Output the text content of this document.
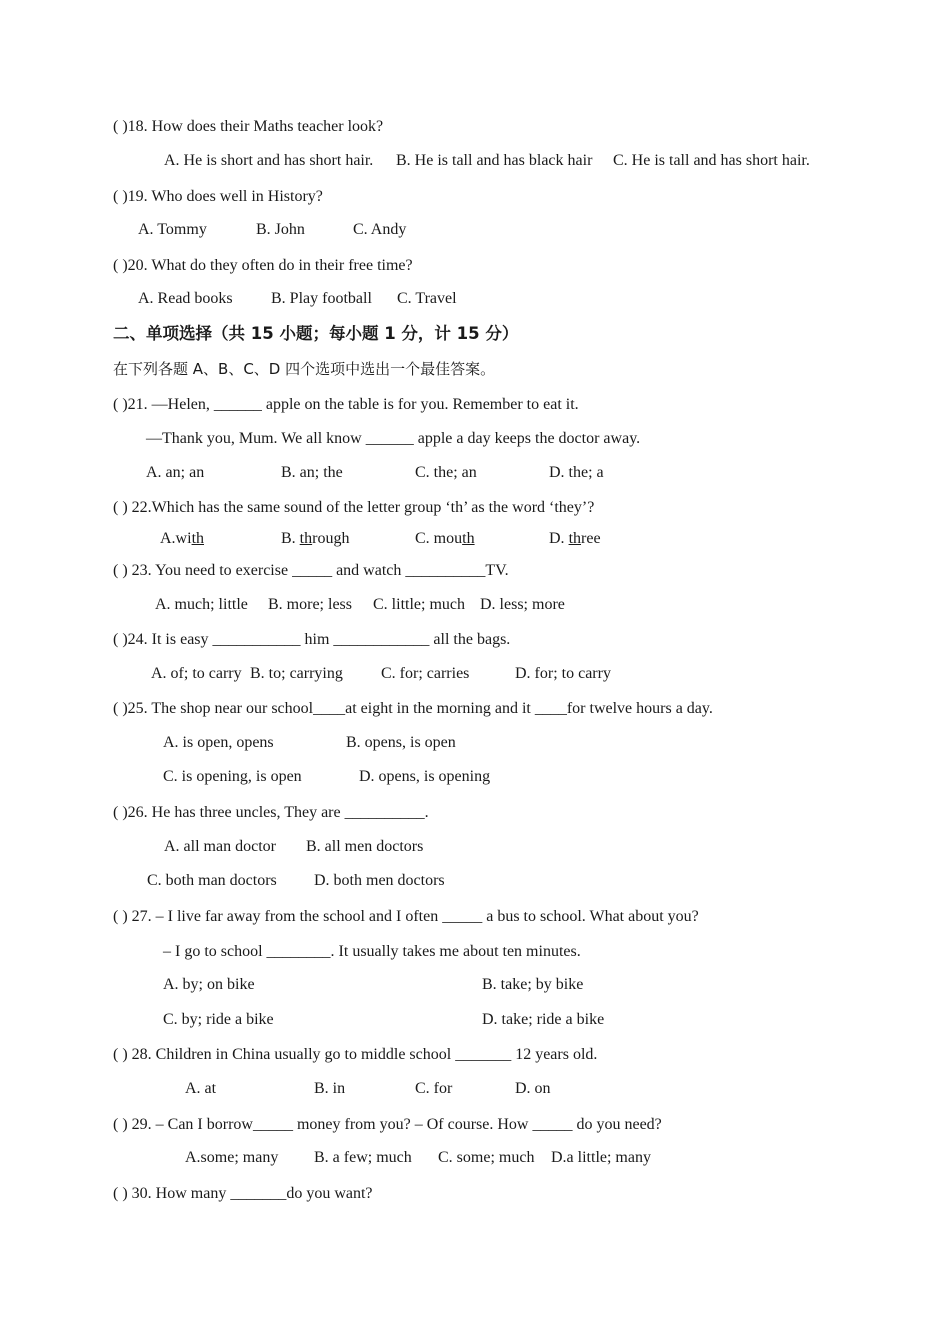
( )18. How does their Maths teacher look?
A. He is short and has short hair. B. He is tall and has black hair C. He is tall and has short hair.
( )19. Who does well in History?
A. Tommy	B. John	C. Andy
( )20. What do they often do in their free time?
A. Read books B. Play football C. Travel
二、单项选择（共 15 小题；每小题 1 分，计 15 分）
在下列各题 A、B、C、D 四个选项中选出一个最佳答案。
( )21. —Helen, ______ apple on the table is for you. Remember to eat it.
—Thank you, Mum. We all know ______ apple a day keeps the doctor away.
A. an; an	B. an; the	C. the; an	D. the; a
( ) 22.Which has the same sound of the letter group ‘th’ as the word ‘they’?
A.with	B. through	C. mouth	D. three
( ) 23. You need to exercise _____ and watch __________TV.
A. much; little B. more; less C. little; much D. less; more
( )24. It is easy ___________ him ____________ all the bags.
A. of; to carry B. to; carrying C. for; carries	D. for; to carry
( )25. The shop near our school____at eight in the morning and it ____for twelve hours a day.
A. is open, opens	B. opens, is open
C. is opening, is open	D. opens, is opening
( )26. He has three uncles, They are __________.
A. all man doctor B. all men doctors
C. both man doctors D. both men doctors
( ) 27. – I live far away from the school and I often _____ a bus to school. What about you?
– I go to school ________. It usually takes me about ten minutes.
A. by; on bike	B. take; by bike
C. by; ride a bike	D. take; ride a bike
( ) 28. Children in China usually go to middle school _______ 12 years old.
A. at	B. in	C. for	D. on
( ) 29. – Can I borrow_____ money from you? – Of course. How _____ do you need?
A.some; many B. a few; much C. some; much D.a little; many
( ) 30. How many _______do you want?
